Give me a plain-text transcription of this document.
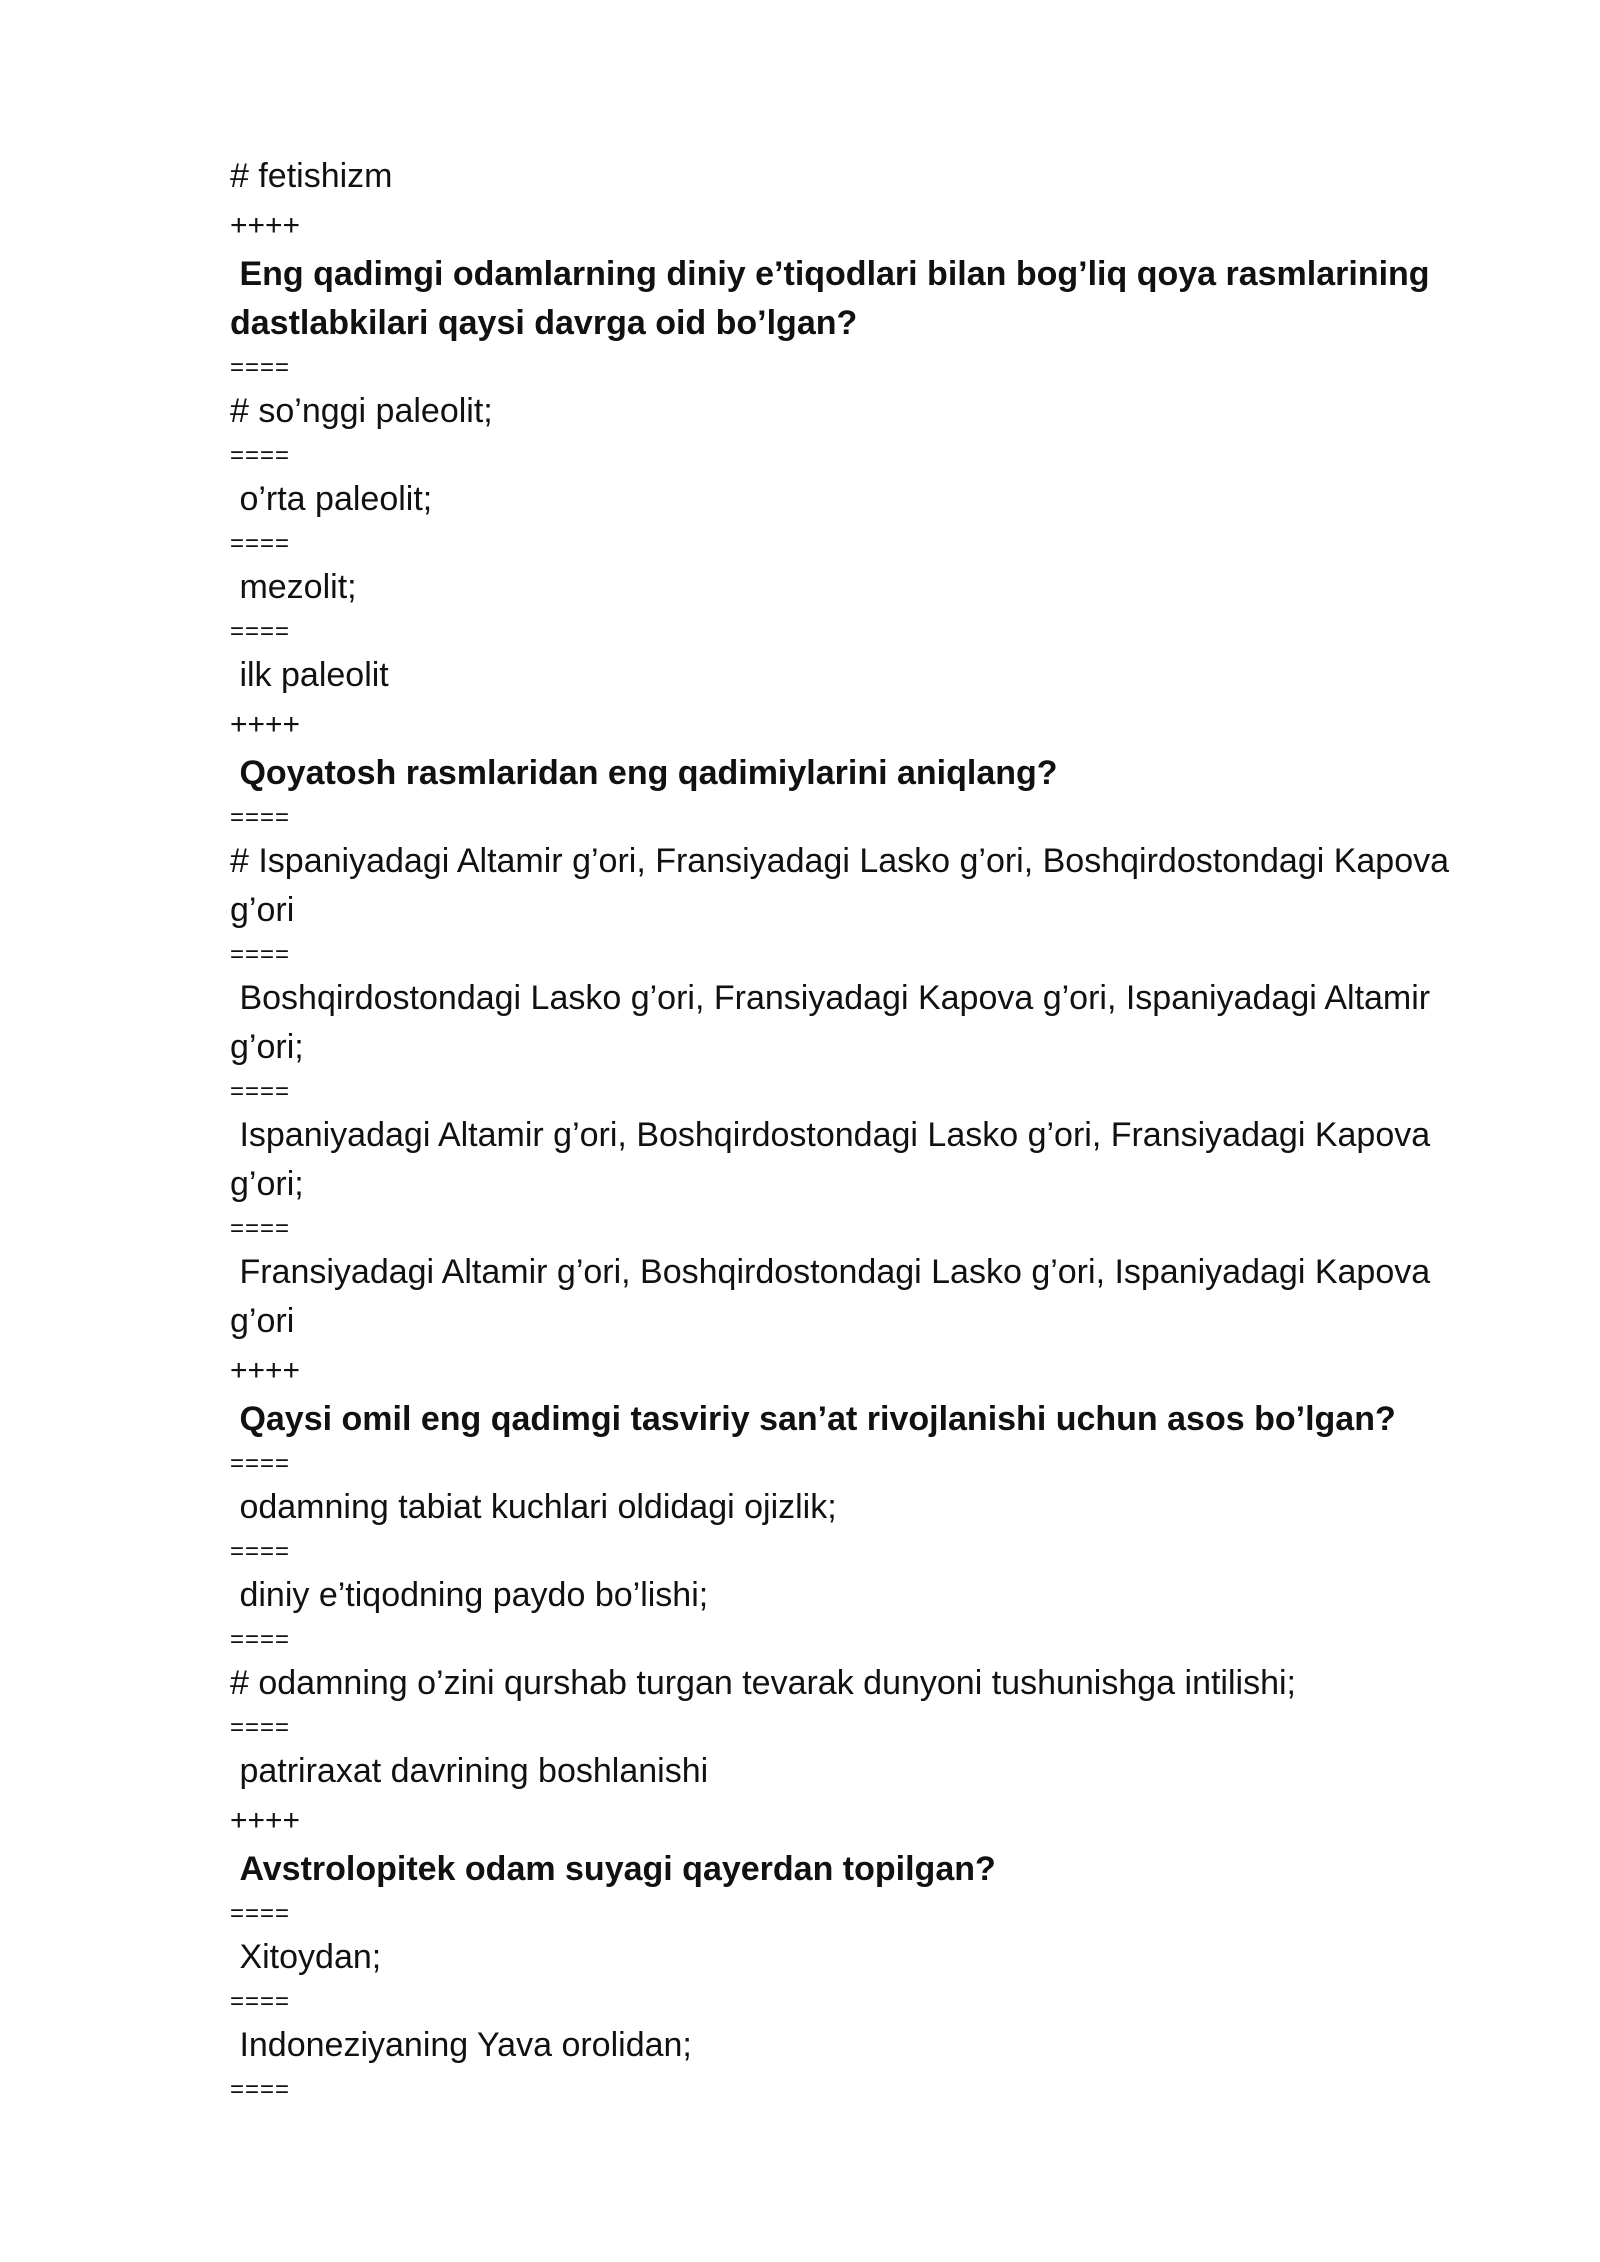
# fetishizm
++++
Eng qadimgi odamlarning diniy e’tiqodlari bilan bog’liq qoya rasmlarining dastlabkilari qaysi davrga oid bo’lgan?
====
# so’nggi paleolit;
====
o’rta paleolit;
====
mezolit;
====
ilk paleolit
++++
Qoyatosh rasmlaridan eng qadimiylarini aniqlang?
====
# Ispaniyadagi Altamir g’ori, Fransiyadagi Lasko g’ori, Boshqirdostondagi Kapova g’ori
====
Boshqirdostondagi Lasko g’ori, Fransiyadagi Kapova g’ori, Ispaniyadagi Altamir g’ori;
====
Ispaniyadagi Altamir g’ori, Boshqirdostondagi Lasko g’ori, Fransiyadagi Kapova g’ori;
====
Fransiyadagi Altamir g’ori, Boshqirdostondagi Lasko g’ori, Ispaniyadagi Kapova g’ori
++++
Qaysi omil eng qadimgi tasviriy san’at rivojlanishi uchun asos bo’lgan?
====
odamning tabiat kuchlari oldidagi ojizlik;
====
diniy e’tiqodning paydo bo’lishi;
====
# odamning o’zini qurshab turgan tevarak dunyoni tushunishga intilishi;
====
patriraxat davrining boshlanishi
++++
Avstrolopitek odam suyagi qayerdan topilgan?
====
Xitoydan;
====
Indoneziyaning Yava orolidan;
====
